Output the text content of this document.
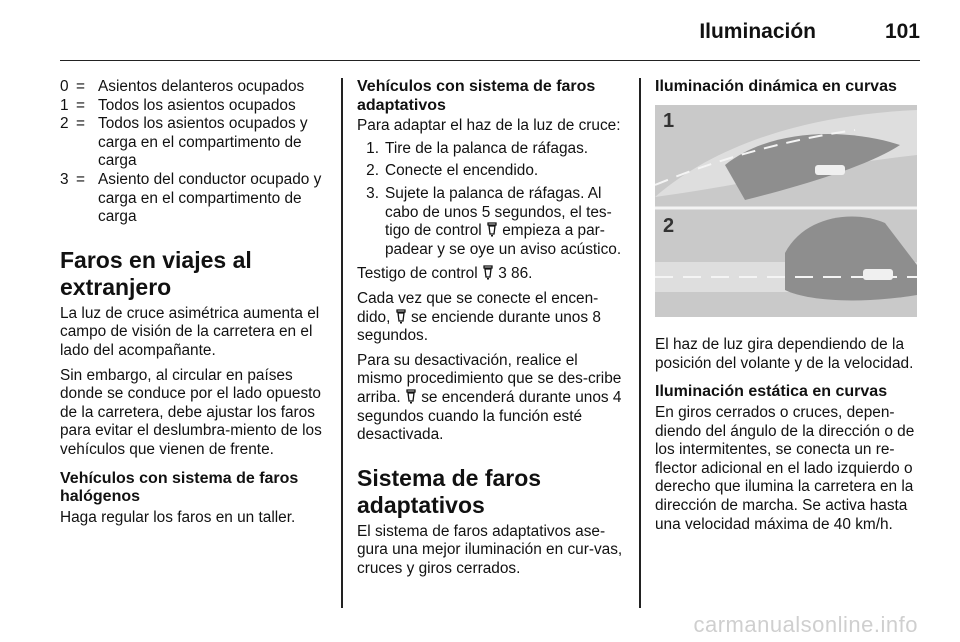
Iluminación	101
0 = Asientos delanteros ocupados
1 = Todos los asientos ocupados
2 = Todos los asientos ocupados y carga en el compartimento de carga
3 = Asiento del conductor ocupado y carga en el compartimento de carga
Faros en viajes al extranjero

La luz de cruce asimétrica aumenta el campo de visión de la carretera en el lado del acompañante.

Sin embargo, al circular en países donde se conduce por el lado opuesto de la carretera, debe ajustar los faros para evitar el deslumbra-miento de los vehículos que vienen de frente.

Vehículos con sistema de faros halógenos

Haga regular los faros en un taller.

Vehículos con sistema de faros adaptativos

Para adaptar el haz de la luz de cruce:

1. Tire de la palanca de ráfagas.
2. Conecte el encendido.
3. Sujete la palanca de ráfagas. Al cabo de unos 5 segundos, el tes-tigo de control empieza a par-padear y se oye un aviso acústico.

Testigo de control 3 86.

Cada vez que se conecte el encen-dido, se enciende durante unos 8 segundos.

Para su desactivación, realice el mismo procedimiento que se des-cribe arriba. se encenderá durante unos 4 segundos cuando la función esté desactivada.

Sistema de faros adaptativos

El sistema de faros adaptativos ase-gura una mejor iluminación en cur-vas, cruces y giros cerrados.

Iluminación dinámica en curvas
1
2

El haz de luz gira dependiendo de la posición del volante y de la velocidad.

Iluminación estática en curvas

En giros cerrados o cruces, depen-diendo del ángulo de la dirección o de los intermitentes, se conecta un re-flector adicional en el lado izquierdo o derecho que ilumina la carretera en la dirección de marcha. Se activa hasta una velocidad máxima de 40 km/h.

carmanualsonline.info
